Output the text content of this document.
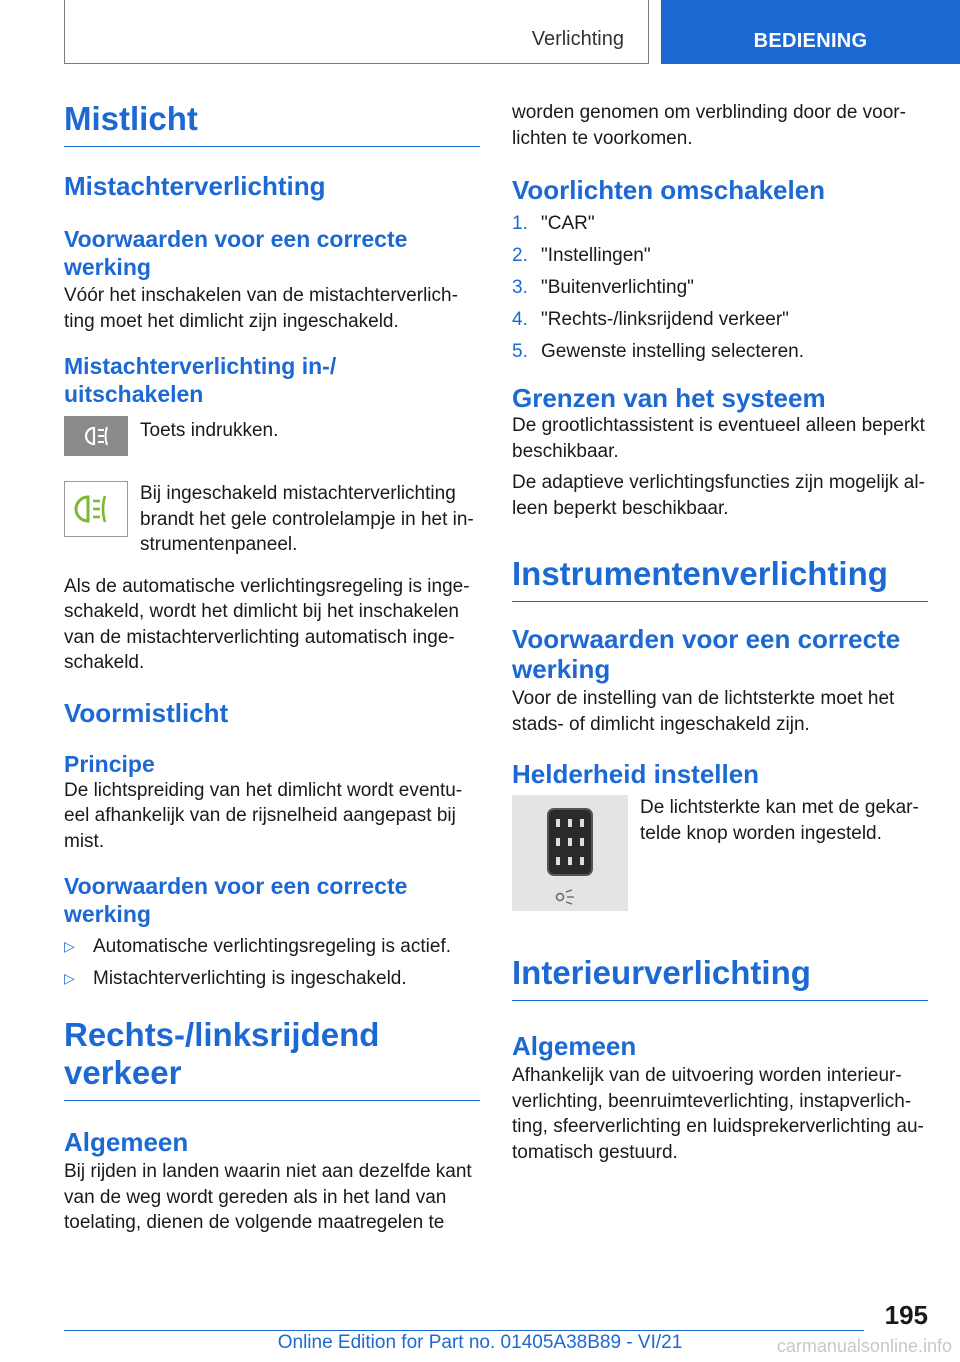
Verlichting	BEDIENING
Mistlicht
Mistachterverlichting
Voorwaarden voor een correcte werking

Vóór het inschakelen van de mistachterverlich-ting moet het dimlicht zijn ingeschakeld.

Mistachterverlichting in-/ uitschakelen

Toets indrukken.

Bij ingeschakeld mistachterverlichting brandt het gele controlelampje in het in-strumentenpaneel.

Als de automatische verlichtingsregeling is inge-schakeld, wordt het dimlicht bij het inschakelen van de mistachterverlichting automatisch inge-schakeld.

Voormistlicht
Principe

De lichtspreiding van het dimlicht wordt eventu-eel afhankelijk van de rijsnelheid aangepast bij mist.

Voorwaarden voor een correcte werking
▷ Automatische verlichtingsregeling is actief.
▷ Mistachterverlichting is ingeschakeld.
Rechts-/linksrijdend verkeer
Algemeen

Bij rijden in landen waarin niet aan dezelfde kant van de weg wordt gereden als in het land van toelating, dienen de volgende maatregelen te

worden genomen om verblinding door de voor-lichten te voorkomen.

Voorlichten omschakelen
1. "CAR"
2. "Instellingen"
3. "Buitenverlichting"
4. "Rechts-/linksrijdend verkeer"
5. Gewenste instelling selecteren.
Grenzen van het systeem

De grootlichtassistent is eventueel alleen beperkt beschikbaar.

De adaptieve verlichtingsfuncties zijn mogelijk al-leen beperkt beschikbaar.

Instrumentenverlichting
Voorwaarden voor een correcte werking

Voor de instelling van de lichtsterkte moet het stads- of dimlicht ingeschakeld zijn.

Helderheid instellen

De lichtsterkte kan met de gekar-telde knop worden ingesteld.

Interieurverlichting
Algemeen

Afhankelijk van de uitvoering worden interieur-verlichting, beenruimteverlichting, instapverlich-ting, sfeerverlichting en luidsprekerverlichting au-tomatisch gestuurd.

195
Online Edition for Part no. 01405A38B89 - VI/21	carmanualsonline.info
